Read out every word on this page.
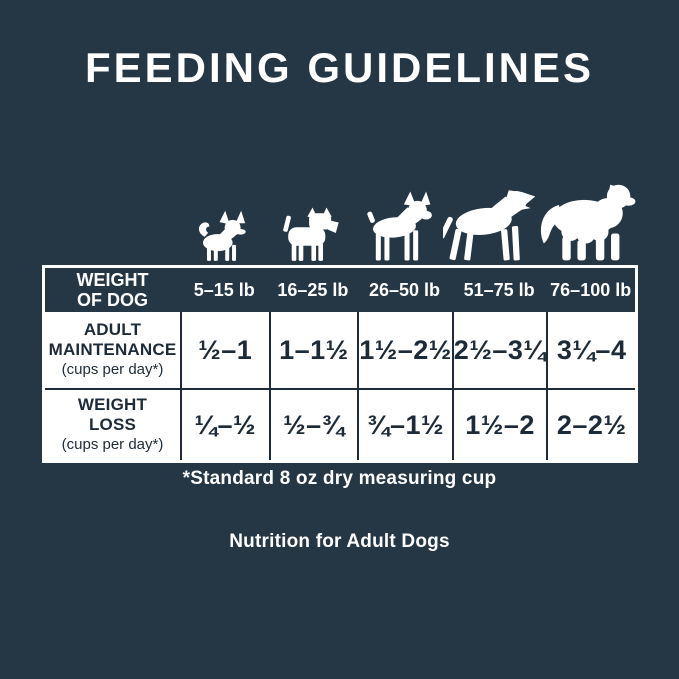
FEEDING GUIDELINES
WEIGHT
OF DOG
5–15 lb	16–25 lb	26–50 lb	51–75 lb 76–100 lb
ADULT
MAINTENANCE
(cups per day*)
½–1 1–1½ 1½–2½ 2½–3¼ 3¼–4
WEIGHT
LOSS
(cups per day*)
¼–½ ½–¾ ¾–1½ 1½–2 2–2½
*Standard 8 oz dry measuring cup
Nutrition for Adult Dogs
